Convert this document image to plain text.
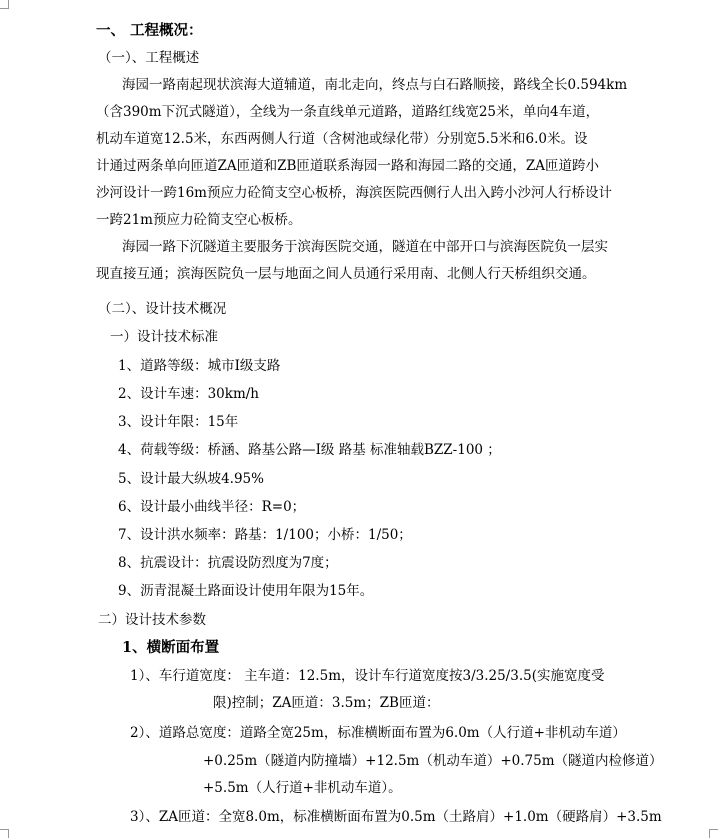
一、 工程概况：
（一）、工程概述
海园一路南起现状滨海大道辅道，南北走向，终点与白石路顺接，路线全长0.594km
（含390m下沉式隧道），全线为一条直线单元道路，道路红线宽25米，单向4车道，
机动车道宽12.5米，东西两侧人行道（含树池或绿化带）分别宽5.5米和6.0米。设
计通过两条单向匝道ZA匝道和ZB匝道联系海园一路和海园二路的交通，ZA匝道跨小
沙河设计一跨16m预应力砼简支空心板桥，海滨医院西侧行人出入跨小沙河人行桥设计
一跨21m预应力砼简支空心板桥。
海园一路下沉隧道主要服务于滨海医院交通，隧道在中部开口与滨海医院负一层实
现直接互通；滨海医院负一层与地面之间人员通行采用南、北侧人行天桥组织交通。
（二）、设计技术概况
一）设计技术标准
1、道路等级：城市I级支路
2、设计车速：30km/h
3、设计年限：15年
4、荷载等级：桥涵、路基公路—I级 路基 标准轴载BZZ-100 ；
5、设计最大纵坡4.95%
6、设计最小曲线半径：R=0；
7、设计洪水频率：路基：1/100；小桥：1/50；
8、抗震设计：抗震设防烈度为7度；
9、沥青混凝土路面设计使用年限为15年。
二）设计技术参数
1、横断面布置
1）、车行道宽度： 主车道：12.5m，设计车行道宽度按3/3.25/3.5(实施宽度受
限)控制；ZA匝道：3.5m；ZB匝道：
2）、道路总宽度：道路全宽25m，标准横断面布置为6.0m（人行道+非机动车道）
+0.25m（隧道内防撞墙）+12.5m（机动车道）+0.75m（隧道内检修道）
+5.5m（人行道+非机动车道）。
3）、ZA匝道：全宽8.0m，标准横断面布置为0.5m（土路肩）+1.0m（硬路肩）+3.5m
